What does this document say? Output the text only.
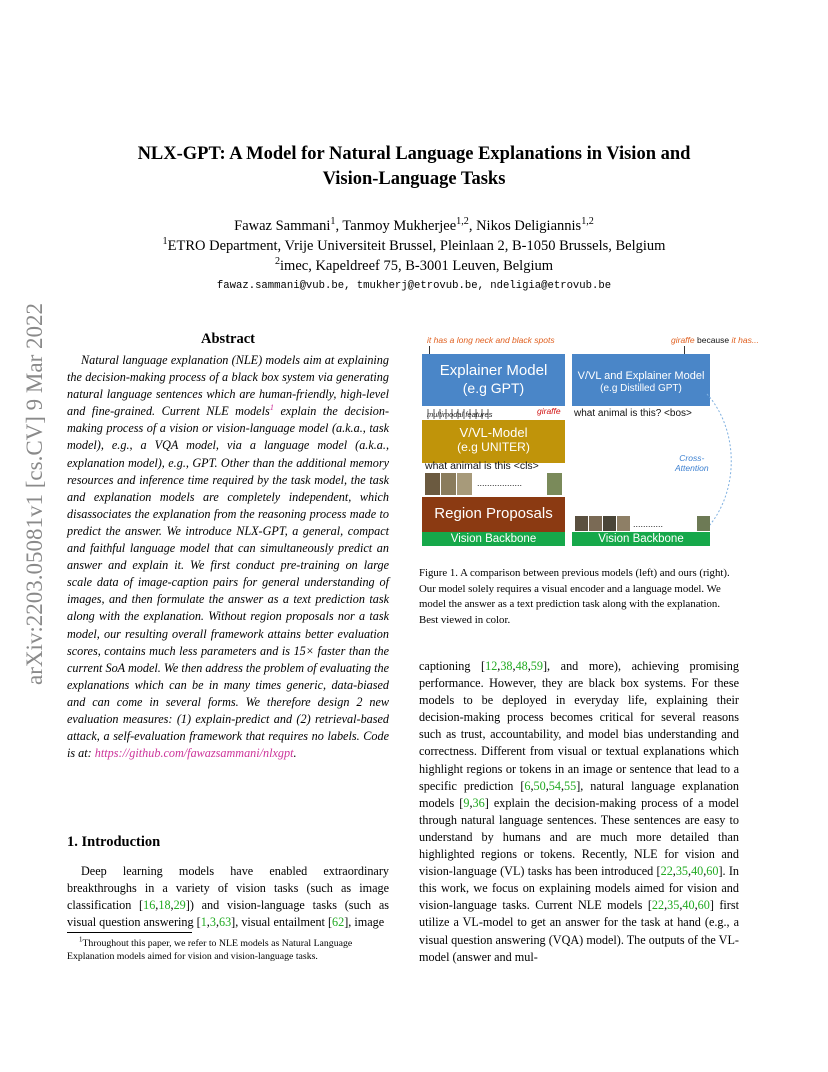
arXiv:2203.05081v1 [cs.CV] 9 Mar 2022
NLX-GPT: A Model for Natural Language Explanations in Vision and
Vision-Language Tasks
Fawaz Sammani$^1$, Tanmoy Mukherjee$^{1,2}$, Nikos Deligiannis$^{1,2}$
$^1$ETRO Department, Vrije Universiteit Brussel, Pleinlaan 2, B-1050 Brussels, Belgium
$^2$imec, Kapeldreef 75, B-3001 Leuven, Belgium
fawaz.sammani@vub.be, tmukherj@etrovub.be, ndeligia@etrovub.be
Abstract

Natural language explanation (NLE) models aim at explaining the decision-making process of a black box system via generating natural language sentences which are human-friendly, high-level and fine-grained. Current NLE models$^1$ explain the decision-making process of a vision or vision-language model (a.k.a., task model), e.g., a VQA model, via a language model (a.k.a., explanation model), e.g., GPT. Other than the additional memory resources and inference time required by the task model, the task and explanation models are completely independent, which disassociates the explanation from the reasoning process made to predict the answer. We introduce NLX-GPT, a general, compact and faithful language model that can simultaneously predict an answer and explain it. We first conduct pre-training on large scale data of image-caption pairs for general understanding of images, and then formulate the answer as a text prediction task along with the explanation. Without region proposals nor a task model, our resulting overall framework attains better evaluation scores, contains much less parameters and is 15× faster than the current SoA model. We then address the problem of evaluating the explanations which can be in many times generic, data-biased and can come in several forms. We therefore design 2 new evaluation measures: (1) explain-predict and (2) retrieval-based attack, a self-evaluation framework that requires no labels. Code is at: https://github.com/fawazsammani/nlxgpt.

1. Introduction

Deep learning models have enabled extraordinary breakthroughs in a variety of vision tasks (such as image classification [16,18,29]) and vision-language tasks (such as visual question answering [1,3,63], visual entailment [62], image

$^1$Throughout this paper, we refer to NLE models as Natural Language Explanation models aimed for vision and vision-language tasks.
it has a long neck and black spots
Explainer Model
(e.g GPT)
multimodal features	giraffe
V/VL-Model
(e.g UNITER)
what animal is this <cls>
..................
Region Proposals
Vision Backbone
giraffe because it has...
V/VL and Explainer Model
(e.g Distilled GPT)
what animal is this? <bos>
Cross-
Attention
............
Vision Backbone
Figure 1. A comparison between previous models (left) and ours (right). Our model solely requires a visual encoder and a language model. We model the answer as a text prediction task along with the explanation. Best viewed in color.

captioning [12,38,48,59], and more), achieving promising performance. However, they are black box systems. For these models to be deployed in everyday life, explaining their decision-making process becomes critical for several reasons such as trust, accountability, and model bias understanding and correctness. Different from visual or textual explanations which highlight regions or tokens in an image or sentence that lead to a specific prediction [6,50,54,55], natural language explanation models [9,36] explain the decision-making process of a model through natural language sentences. These sentences are easy to understand by humans and are much more detailed than highlighted regions or tokens. Recently, NLE for vision and vision-language (VL) tasks has been introduced [22,35,40,60]. In this work, we focus on explaining models aimed for vision and vision-language tasks. Current NLE models [22,35,40,60] first utilize a VL-model to get an answer for the task at hand (e.g., a visual question answering (VQA) model). The outputs of the VL-model (answer and mul-
